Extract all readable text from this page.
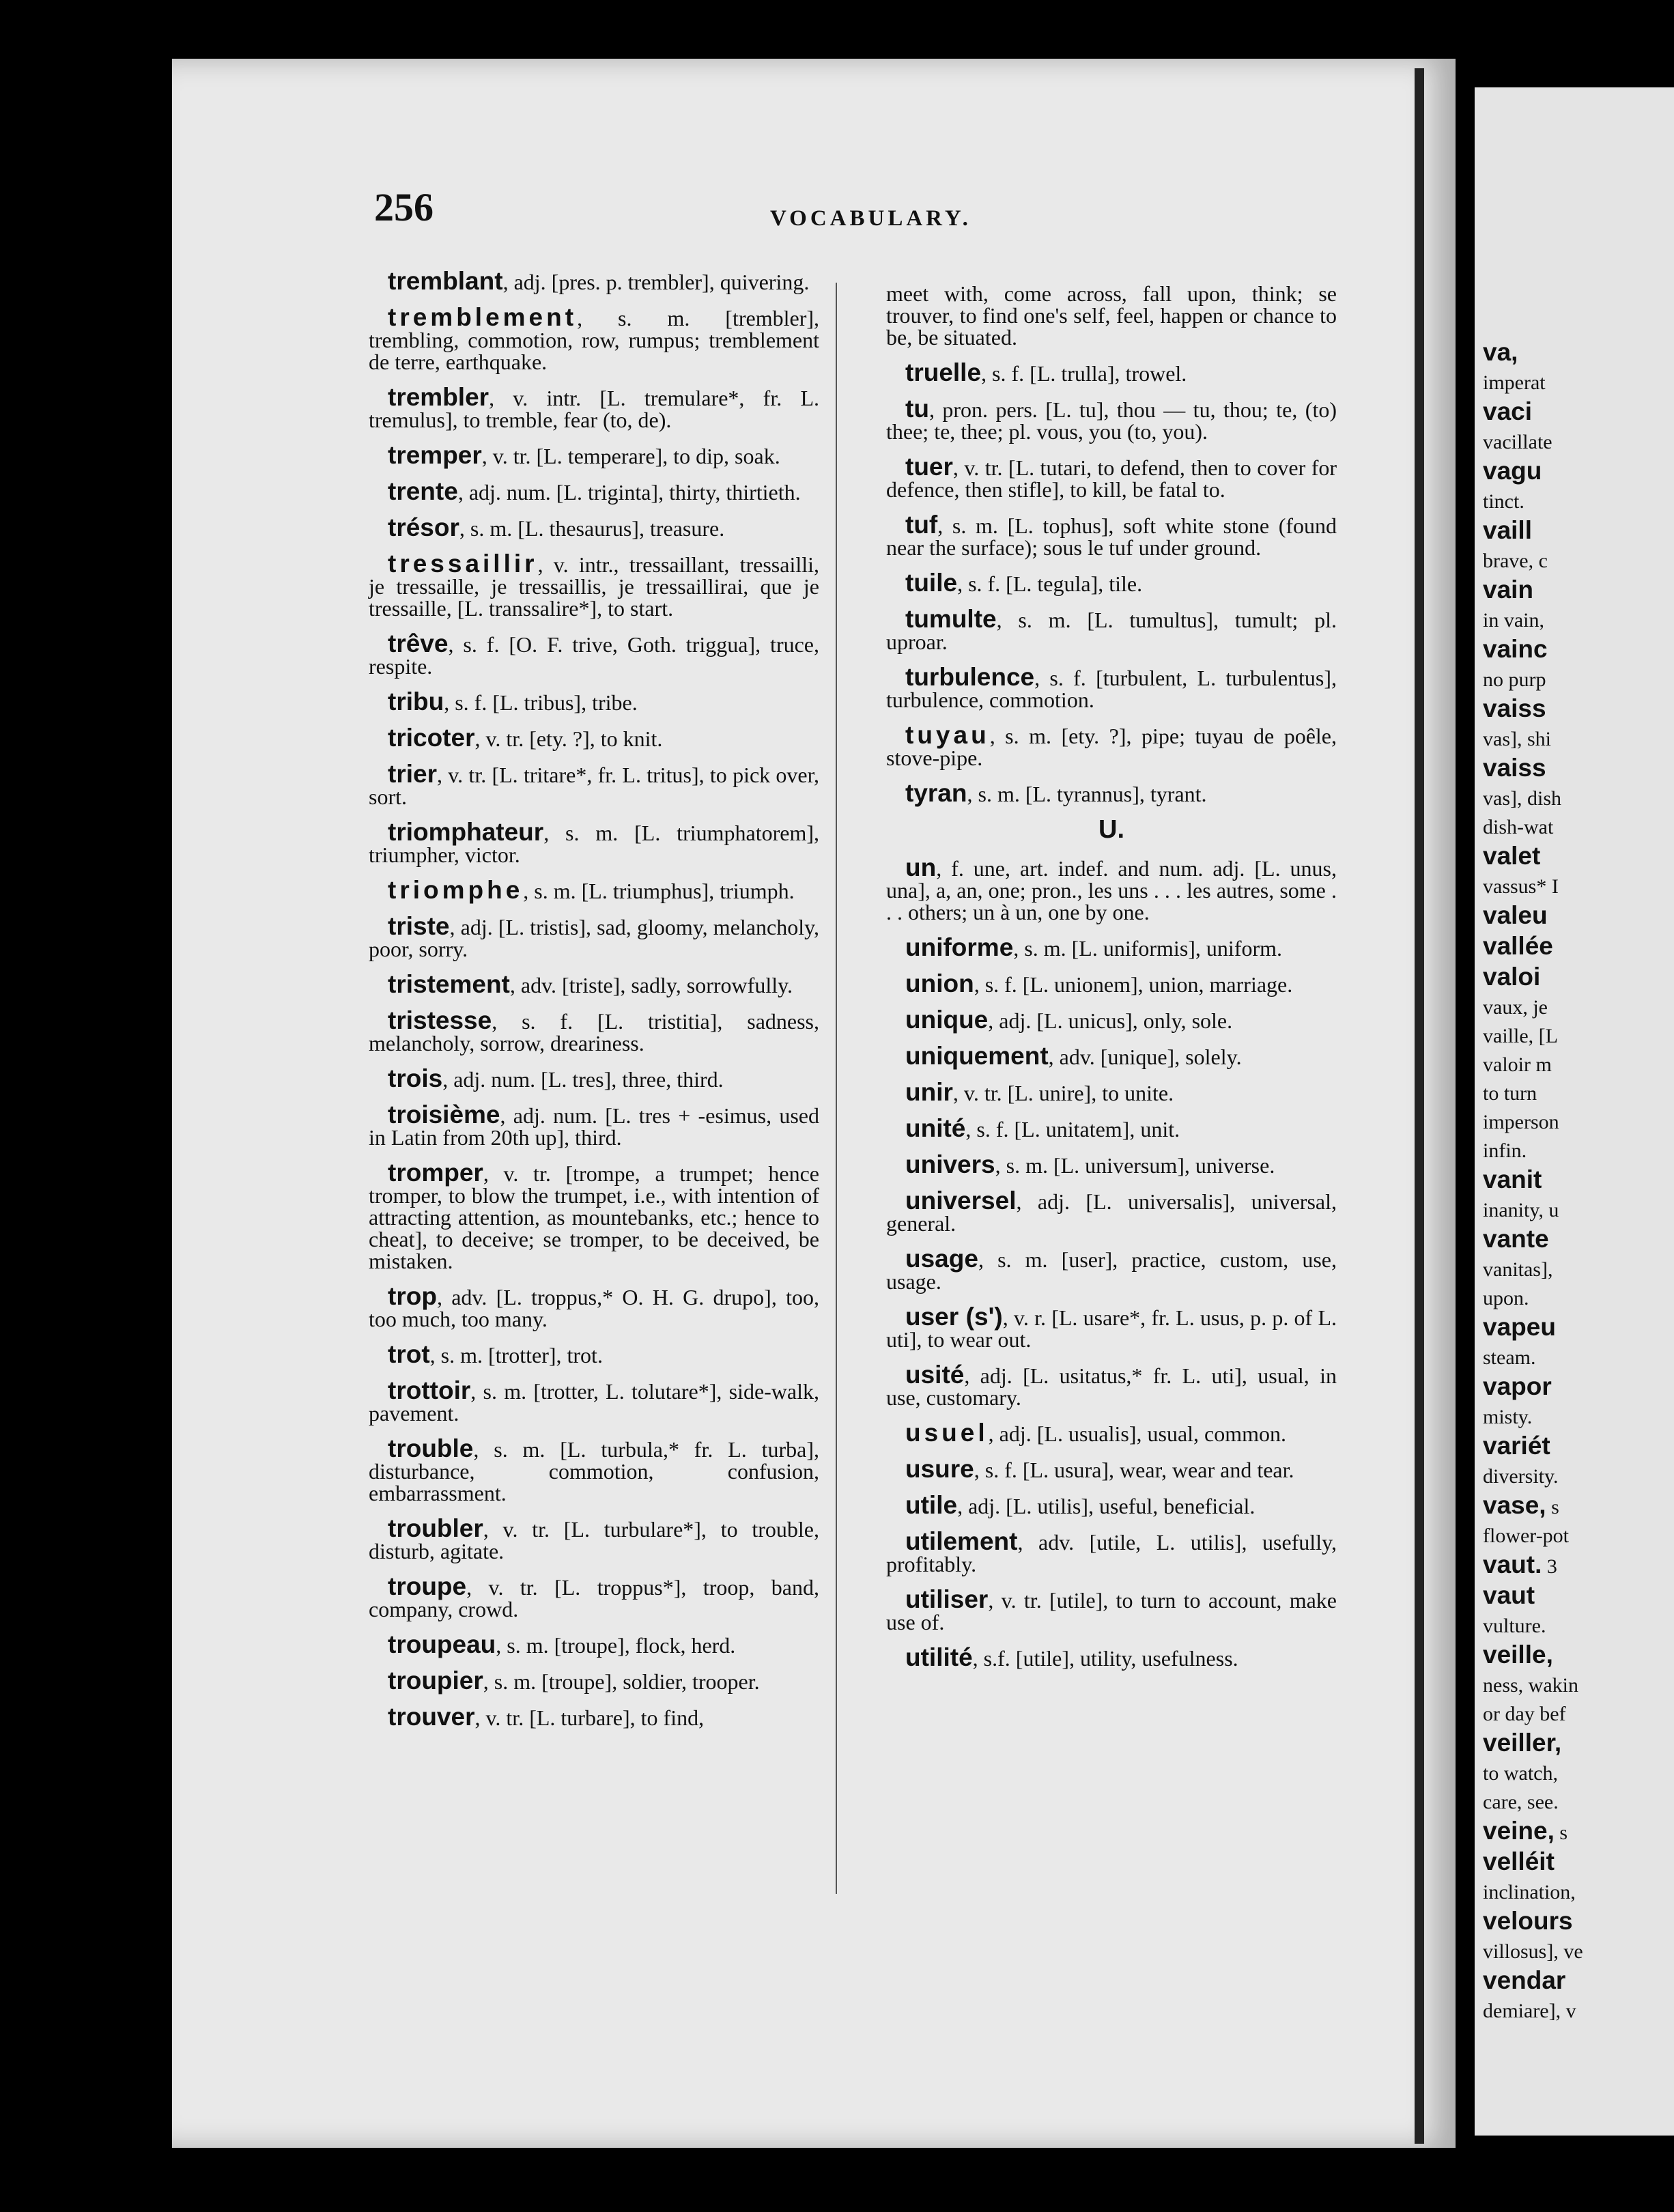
va,
imperat
vaci
vacillate
vagu
tinct.
vaill
brave, c
vain
in vain,
vainc
no purp
vaiss
vas], shi
vaiss
vas], dish
dish-wat
valet
vassus* I
valeu
vallée
valoi
vaux, je
vaille, [L
valoir m
to turn
imperson
infin.
vanit
inanity, u
vante
vanitas],
upon.
vapeu
steam.
vapor
misty.
variét
diversity.
vase, s
flower-pot
vaut. 3
vaut
vulture.
veille,
ness, wakin
or day bef
veiller,
to watch,
care, see.
veine, s
velléit
inclination,
velours
villosus], ve
vendar
demiare], v
256	VOCABULARY.

tremblant, adj. [pres. p. trembler], quivering.

tremblement, s. m. [trembler], trembling, commotion, row, rumpus; tremblement de terre, earthquake.

trembler, v. intr. [L. tremulare*, fr. L. tremulus], to tremble, fear (to, de).

tremper, v. tr. [L. temperare], to dip, soak.

trente, adj. num. [L. triginta], thirty, thirtieth.

trésor, s. m. [L. thesaurus], treasure.

tressaillir, v. intr., tressaillant, tressailli, je tressaille, je tressaillis, je tressaillirai, que je tressaille, [L. transsalire*], to start.

trêve, s. f. [O. F. trive, Goth. triggua], truce, respite.

tribu, s. f. [L. tribus], tribe.

tricoter, v. tr. [ety. ?], to knit.

trier, v. tr. [L. tritare*, fr. L. tritus], to pick over, sort.

triomphateur, s. m. [L. triumphatorem], triumpher, victor.

triomphe, s. m. [L. triumphus], triumph.

triste, adj. [L. tristis], sad, gloomy, melancholy, poor, sorry.

tristement, adv. [triste], sadly, sorrowfully.

tristesse, s. f. [L. tristitia], sadness, melancholy, sorrow, dreariness.

trois, adj. num. [L. tres], three, third.

troisième, adj. num. [L. tres + -esimus, used in Latin from 20th up], third.

tromper, v. tr. [trompe, a trumpet; hence tromper, to blow the trumpet, i.e., with intention of attracting attention, as mountebanks, etc.; hence to cheat], to deceive; se tromper, to be deceived, be mistaken.

trop, adv. [L. troppus,* O. H. G. drupo], too, too much, too many.

trot, s. m. [trotter], trot.

trottoir, s. m. [trotter, L. tolutare*], side-walk, pavement.

trouble, s. m. [L. turbula,* fr. L. turba], disturbance, commotion, confusion, embarrassment.

troubler, v. tr. [L. turbulare*], to trouble, disturb, agitate.

troupe, v. tr. [L. troppus*], troop, band, company, crowd.

troupeau, s. m. [troupe], flock, herd.

troupier, s. m. [troupe], soldier, trooper.

trouver, v. tr. [L. turbare], to find,

meet with, come across, fall upon, think; se trouver, to find one's self, feel, happen or chance to be, be situated.

truelle, s. f. [L. trulla], trowel.

tu, pron. pers. [L. tu], thou — tu, thou; te, (to) thee; te, thee; pl. vous, you (to, you).

tuer, v. tr. [L. tutari, to defend, then to cover for defence, then stifle], to kill, be fatal to.

tuf, s. m. [L. tophus], soft white stone (found near the surface); sous le tuf under ground.

tuile, s. f. [L. tegula], tile.

tumulte, s. m. [L. tumultus], tumult; pl. uproar.

turbulence, s. f. [turbulent, L. turbulentus], turbulence, commotion.

tuyau, s. m. [ety. ?], pipe; tuyau de poêle, stove-pipe.

tyran, s. m. [L. tyrannus], tyrant.

U.

un, f. une, art. indef. and num. adj. [L. unus, una], a, an, one; pron., les uns . . . les autres, some . . . others; un à un, one by one.

uniforme, s. m. [L. uniformis], uniform.

union, s. f. [L. unionem], union, marriage.

unique, adj. [L. unicus], only, sole.

uniquement, adv. [unique], solely.

unir, v. tr. [L. unire], to unite.

unité, s. f. [L. unitatem], unit.

univers, s. m. [L. universum], universe.

universel, adj. [L. universalis], universal, general.

usage, s. m. [user], practice, custom, use, usage.

user (s'), v. r. [L. usare*, fr. L. usus, p. p. of L. uti], to wear out.

usité, adj. [L. usitatus,* fr. L. uti], usual, in use, customary.

usuel, adj. [L. usualis], usual, common.

usure, s. f. [L. usura], wear, wear and tear.

utile, adj. [L. utilis], useful, beneficial.

utilement, adv. [utile, L. utilis], usefully, profitably.

utiliser, v. tr. [utile], to turn to account, make use of.

utilité, s.f. [utile], utility, usefulness.
